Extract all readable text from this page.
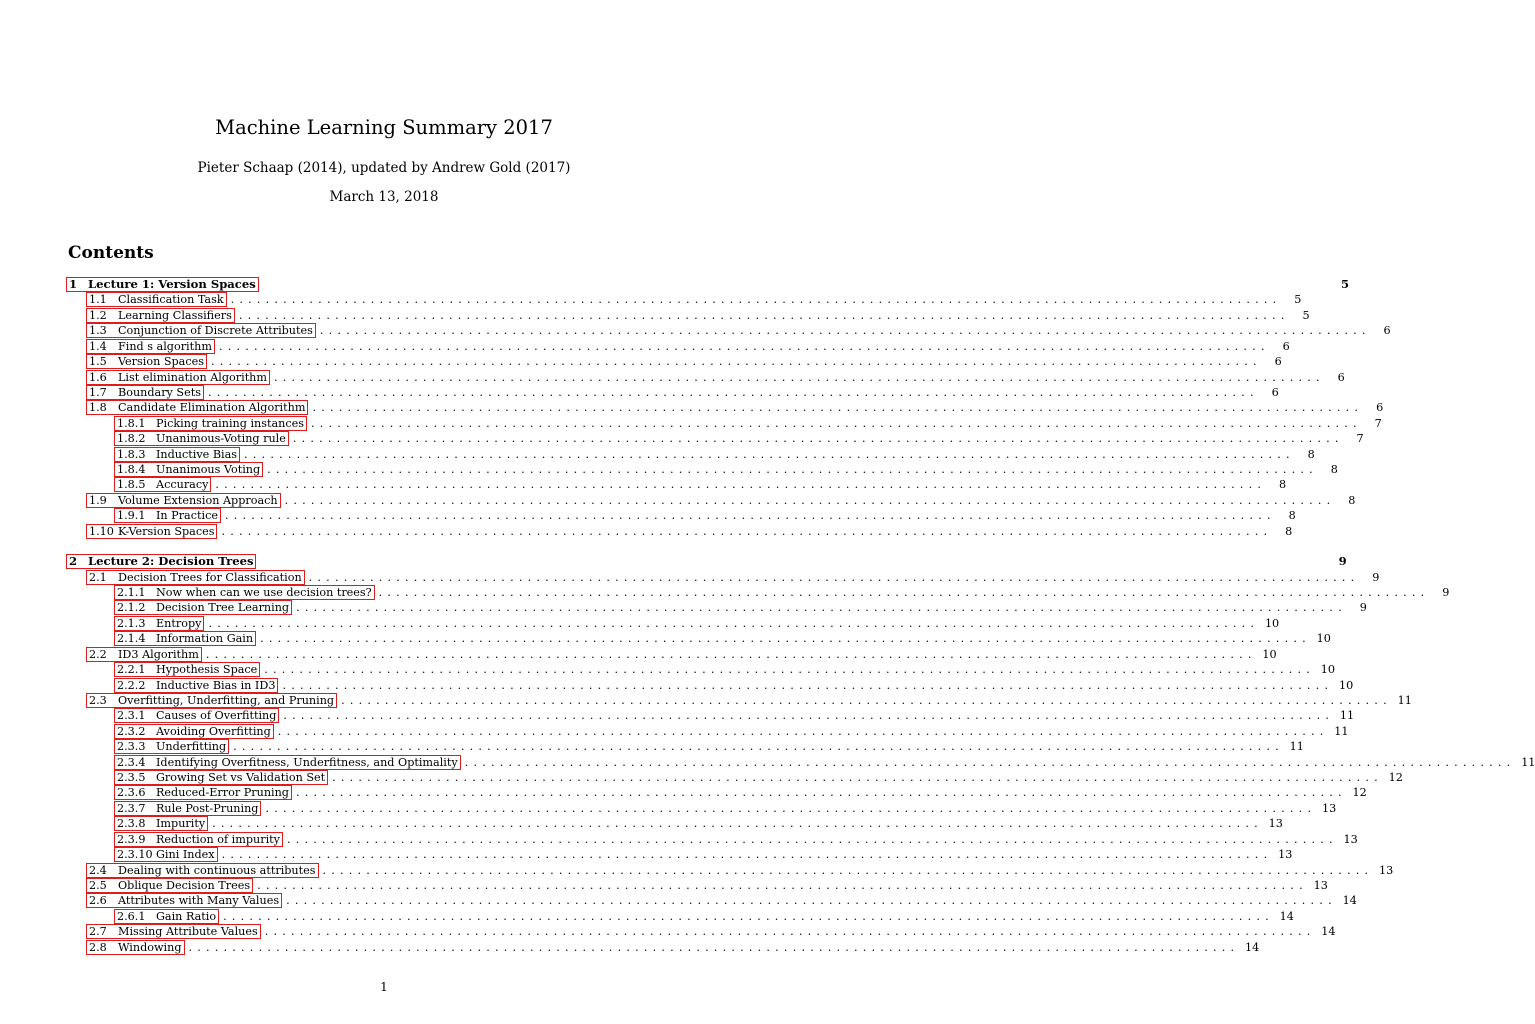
Machine Learning Summary 2017
Pieter Schaap (2014), updated by Andrew Gold (2017)
March 13, 2018
Contents
1 Lecture 1: Version Spaces	5
1.1	Classification Task ........................................................................................................................	5
1.2	Learning Classifiers ........................................................................................................................	5
1.3	Conjunction of Discrete Attributes ........................................................................................................................	6
1.4	Find s algorithm ........................................................................................................................	6
1.5	Version Spaces ........................................................................................................................	6
1.6	List elimination Algorithm ........................................................................................................................	6
1.7	Boundary Sets ........................................................................................................................	6
1.8	Candidate Elimination Algorithm ........................................................................................................................	6
1.8.1 Picking training instances ........................................................................................................................	7
1.8.2 Unanimous-Voting rule ........................................................................................................................	7
1.8.3 Inductive Bias ........................................................................................................................	8
1.8.4 Unanimous Voting ........................................................................................................................	8
1.8.5 Accuracy ........................................................................................................................	8
1.9	Volume Extension Approach ........................................................................................................................	8
1.9.1 In Practice ........................................................................................................................	8
1.10 K-Version Spaces ........................................................................................................................	8
2 Lecture 2: Decision Trees	9
2.1	Decision Trees for Classification ........................................................................................................................	9
2.1.1 Now when can we use decision trees? ........................................................................................................................	9
2.1.2 Decision Tree Learning ........................................................................................................................	9
2.1.3 Entropy ........................................................................................................................ 10
2.1.4 Information Gain ........................................................................................................................ 10
2.2	ID3 Algorithm ........................................................................................................................ 10
2.2.1 Hypothesis Space ........................................................................................................................ 10
2.2.2 Inductive Bias in ID3 ........................................................................................................................ 10
2.3	Overfitting, Underfitting, and Pruning ........................................................................................................................ 11
2.3.1 Causes of Overfitting ........................................................................................................................ 11
2.3.2 Avoiding Overfitting ........................................................................................................................ 11
2.3.3 Underfitting ........................................................................................................................ 11
2.3.4 Identifying Overfitness, Underfitness, and Optimality ........................................................................................................................ 11
2.3.5 Growing Set vs Validation Set ........................................................................................................................ 12
2.3.6 Reduced-Error Pruning ........................................................................................................................ 12
2.3.7 Rule Post-Pruning ........................................................................................................................ 13
2.3.8 Impurity ........................................................................................................................ 13
2.3.9 Reduction of impurity ........................................................................................................................ 13
2.3.10 Gini Index ........................................................................................................................ 13
2.4	Dealing with continuous attributes ........................................................................................................................ 13
2.5	Oblique Decision Trees ........................................................................................................................ 13
2.6	Attributes with Many Values ........................................................................................................................ 14
2.6.1 Gain Ratio ........................................................................................................................ 14
2.7	Missing Attribute Values ........................................................................................................................ 14
2.8	Windowing ........................................................................................................................ 14
1
